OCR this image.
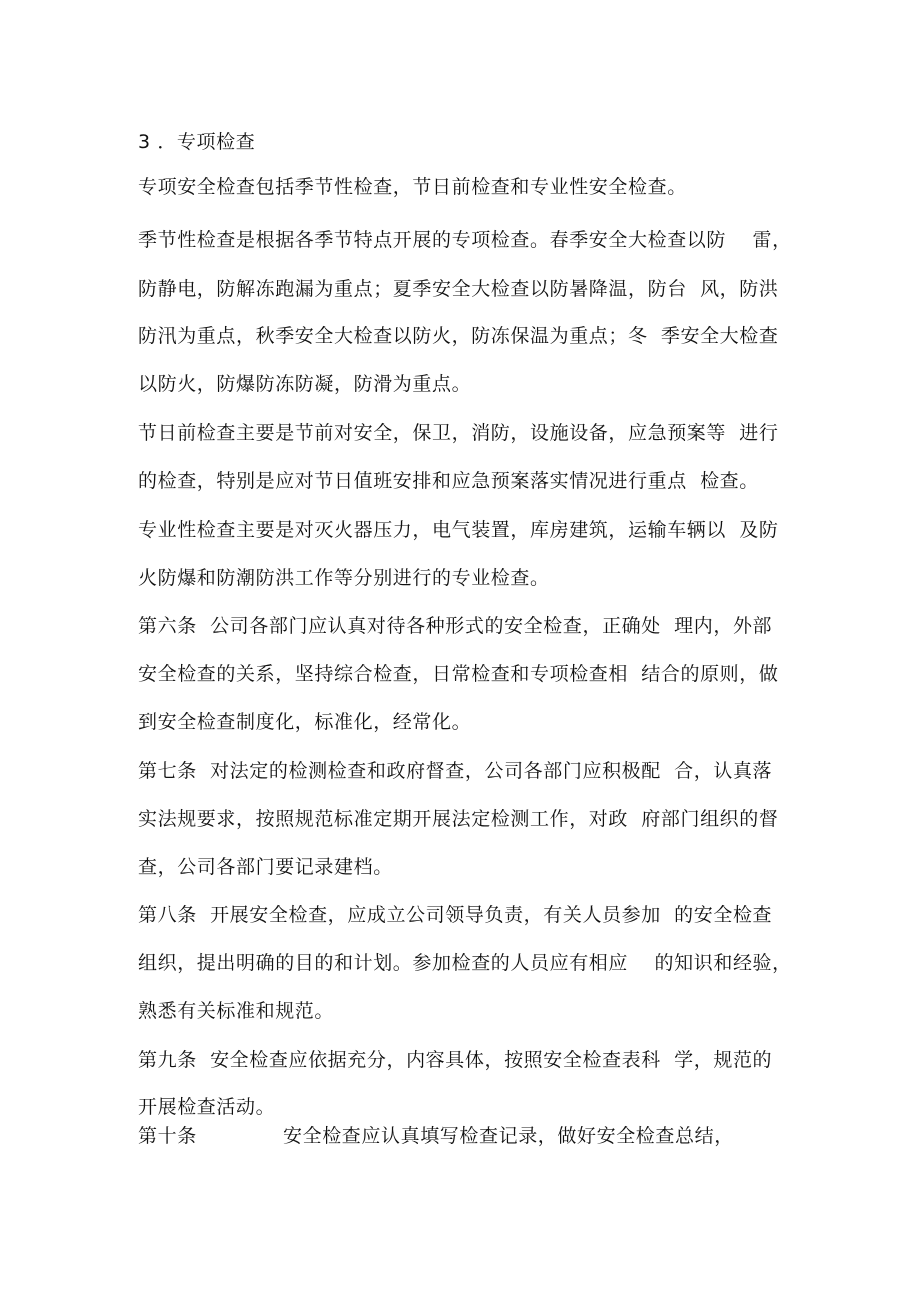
3 ．专项检查
专项安全检查包括季节性检查，节日前检查和专业性安全检查。
季节性检查是根据各季节特点开展的专项检查。春季安全大检查以防    雷，
防静电，防解冻跑漏为重点；夏季安全大检查以防暑降温，防台  风，防洪
防汛为重点，秋季安全大检查以防火，防冻保温为重点；冬  季安全大检查
以防火，防爆防冻防凝，防滑为重点。
节日前检查主要是节前对安全，保卫，消防，设施设备，应急预案等  进行
的检查，特别是应对节日值班安排和应急预案落实情况进行重点  检查。
专业性检查主要是对灭火器压力，电气装置，库房建筑，运输车辆以  及防
火防爆和防潮防洪工作等分别进行的专业检查。
第六条  公司各部门应认真对待各种形式的安全检查，正确处  理内，外部
安全检查的关系，坚持综合检查，日常检查和专项检查相  结合的原则，做
到安全检查制度化，标准化，经常化。
第七条  对法定的检测检查和政府督查，公司各部门应积极配  合，认真落
实法规要求，按照规范标准定期开展法定检测工作，对政  府部门组织的督
查，公司各部门要记录建档。
第八条  开展安全检查，应成立公司领导负责，有关人员参加  的安全检查
组织，提出明确的目的和计划。参加检查的人员应有相应    的知识和经验，
熟悉有关标准和规范。
第九条  安全检查应依据充分，内容具体，按照安全检查表科  学，规范的
开展检查活动。
第十条	安全检查应认真填写检查记录，做好安全检查总结，
